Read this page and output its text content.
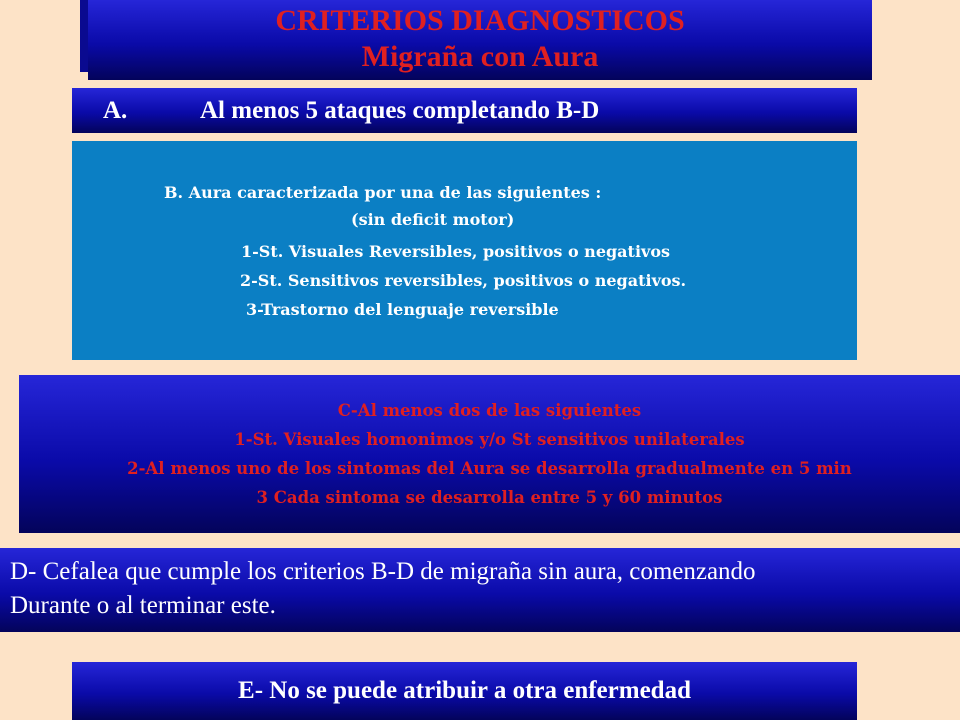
CRITERIOS DIAGNOSTICOS
Migraña con Aura
A.	Al menos 5 ataques completando B-D
B. Aura caracterizada por una de las siguientes :
(sin deficit motor)
1-St. Visuales Reversibles, positivos o negativos
2-St. Sensitivos reversibles, positivos o negativos.
3-Trastorno del lenguaje reversible
C-Al menos dos de las siguientes
1-St. Visuales homonimos y/o St sensitivos unilaterales
2-Al menos uno de los sintomas del Aura se desarrolla gradualmente en 5 min
3 Cada sintoma se desarrolla entre 5 y 60 minutos
D- Cefalea que cumple los criterios B-D de migraña sin aura, comenzando
Durante o al terminar este.
E- No se puede atribuir a otra enfermedad
